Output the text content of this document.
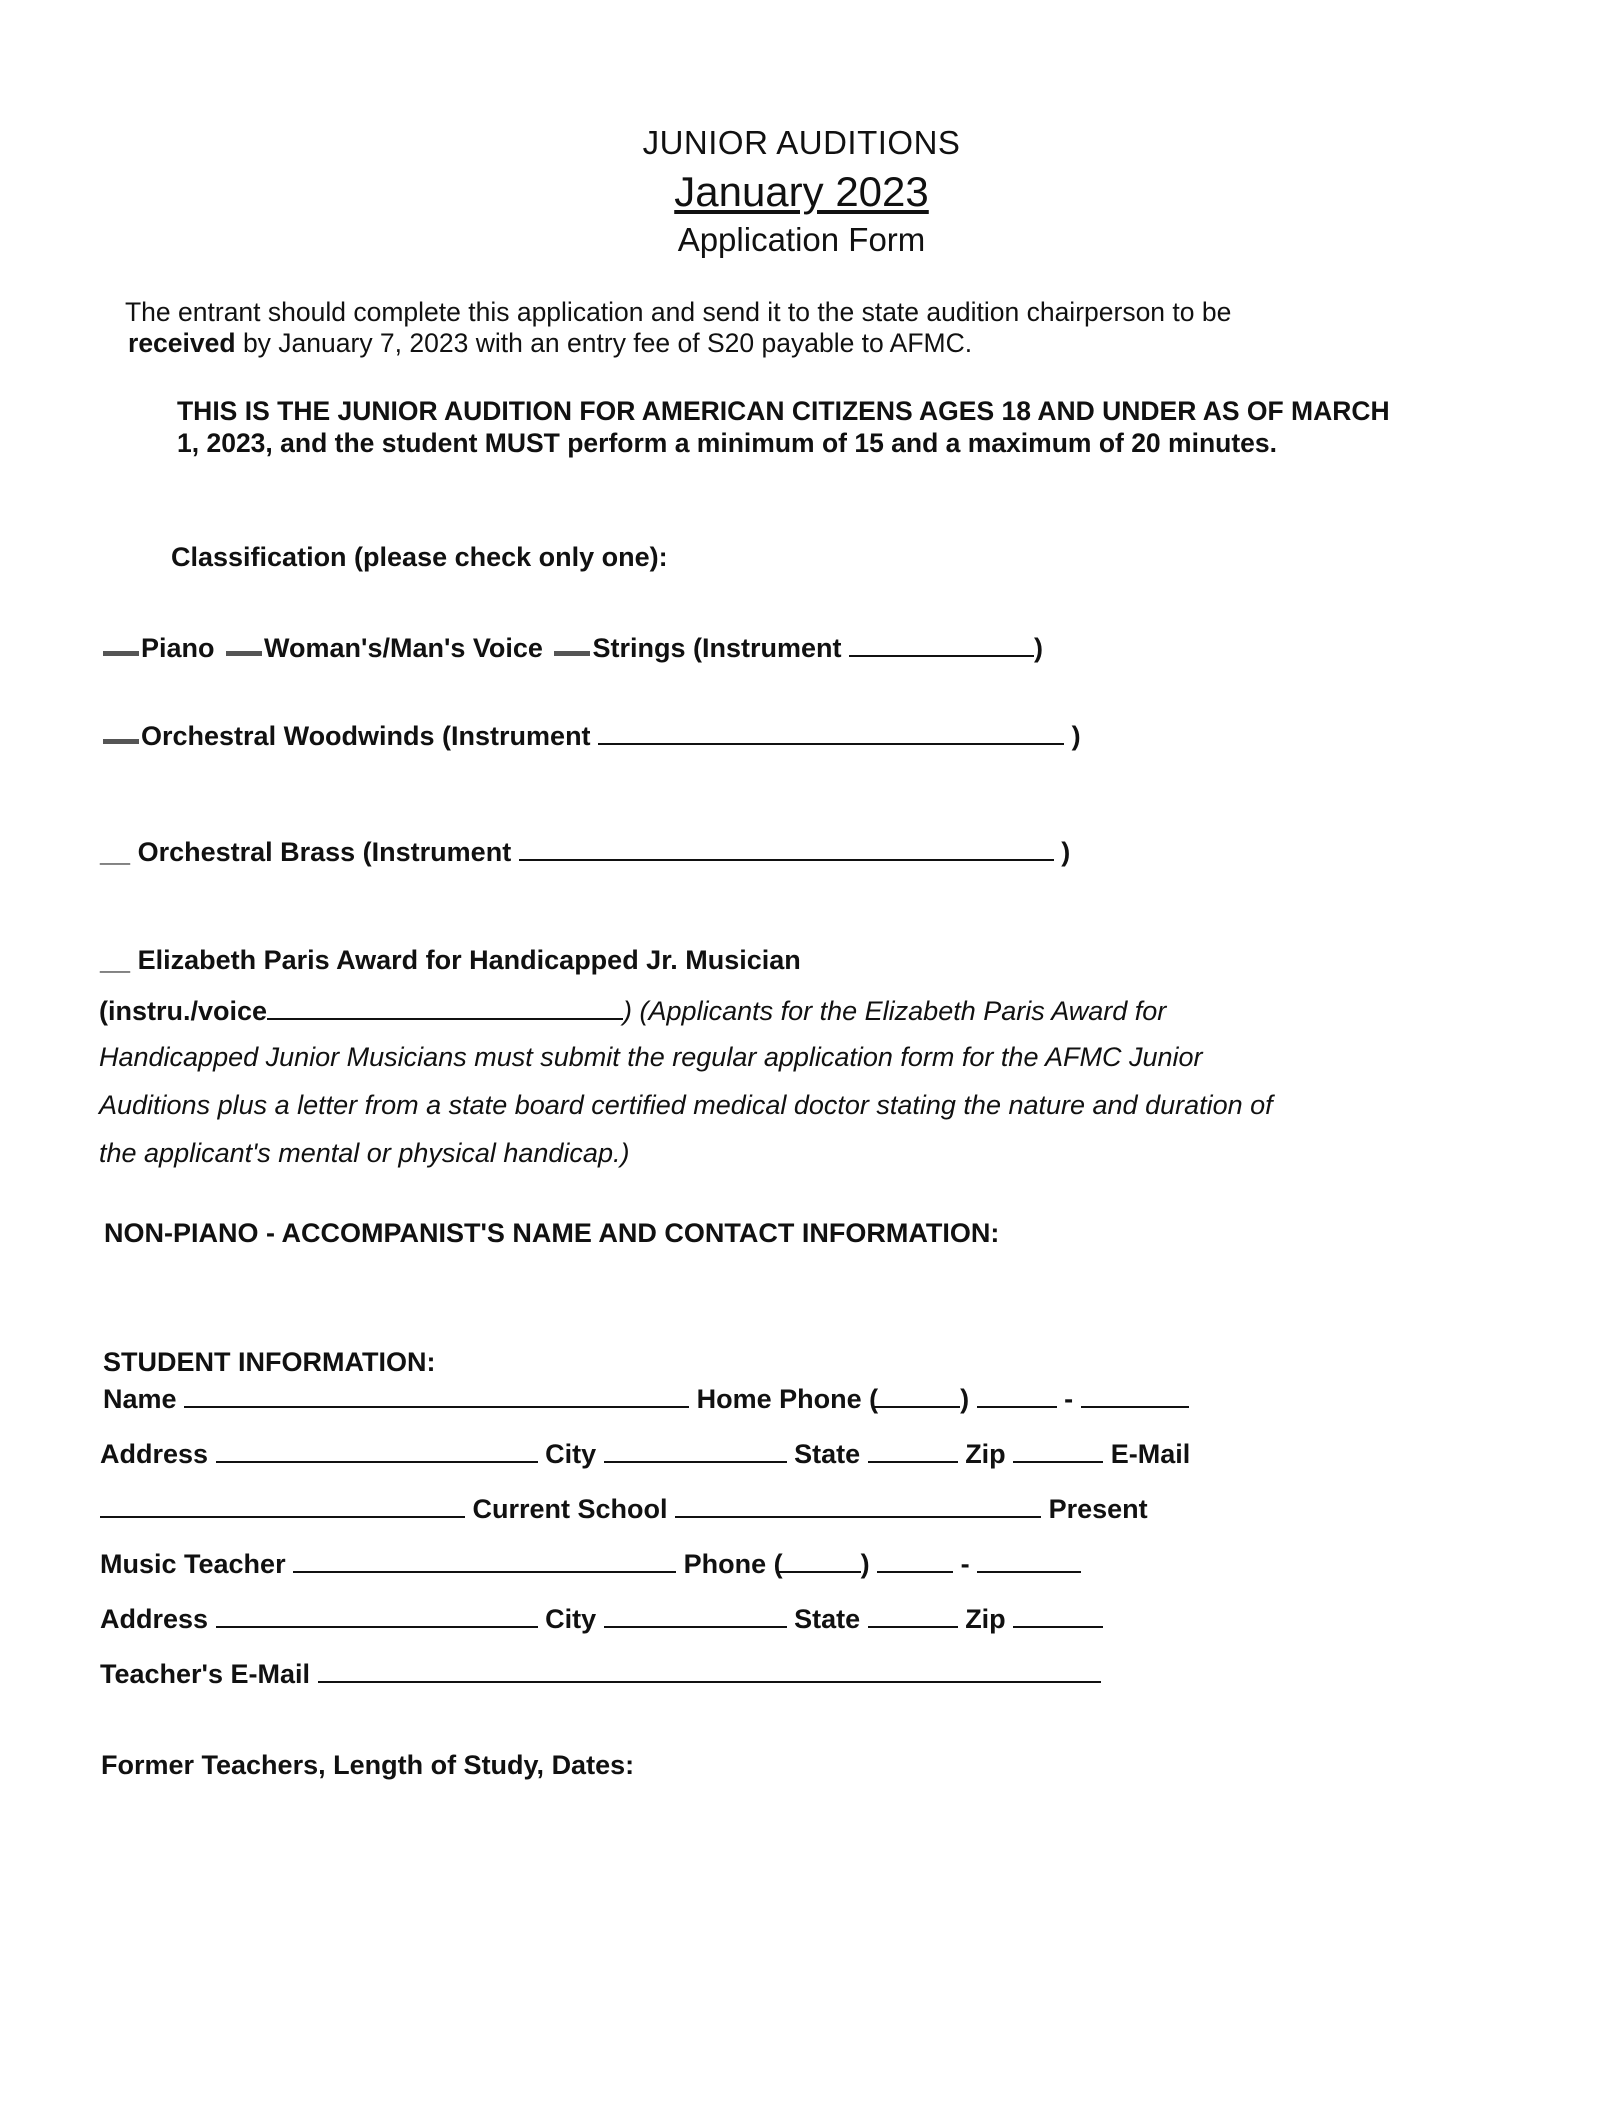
JUNIOR AUDITIONS
January 2023
Application Form
The entrant should complete this application and send it to the state audition chairperson to be
received by January 7, 2023 with an entry fee of S20 payable to AFMC.
THIS IS THE JUNIOR AUDITION FOR AMERICAN CITIZENS AGES 18 AND UNDER AS OF MARCH 1, 2023, and the student MUST perform a minimum of 15 and a maximum of 20 minutes.
Classification (please check only one):
Piano Woman's/Man's Voice Strings (Instrument	)
Orchestral Woodwinds (Instrument	)
__ Orchestral Brass (Instrument	)
__ Elizabeth Paris Award for Handicapped Jr. Musician
(instru./voice	) (Applicants for the Elizabeth Paris Award for
Handicapped Junior Musicians must submit the regular application form for the AFMC Junior
Auditions plus a letter from a state board certified medical doctor stating the nature and duration of
the applicant's mental or physical handicap.)
NON-PIANO - ACCOMPANIST'S NAME AND CONTACT INFORMATION:
STUDENT INFORMATION:
Name	Home Phone (	)	-
Address	City	State	Zip	E-Mail
Current School	Present
Music Teacher	Phone (	)	-
Address	City	State	Zip
Teacher's E-Mail
Former Teachers, Length of Study, Dates:
